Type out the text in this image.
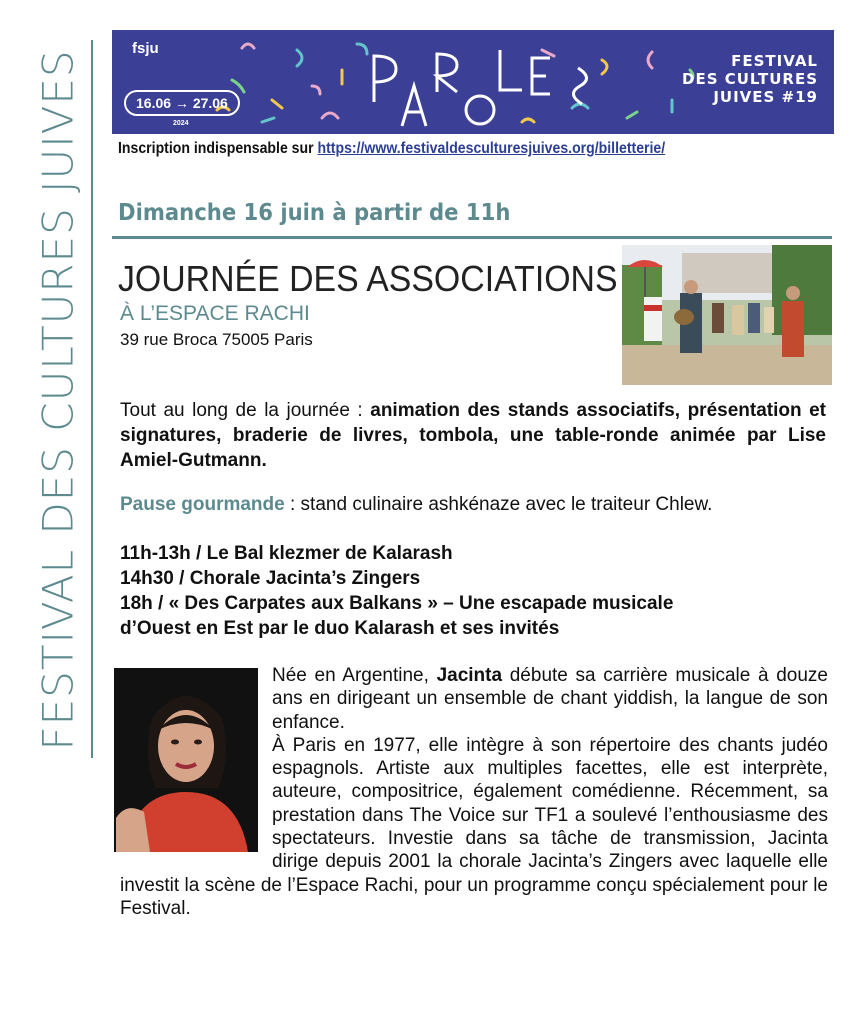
FESTIVAL DES CULTURES JUIVES
fsju
16.06 → 27.06
2024
FESTIVAL
DES CULTURES
JUIVES #19
Inscription indispensable sur https://www.festivaldesculturesjuives.org/billetterie/
Dimanche 16 juin à partir de 11h
JOURNÉE DES ASSOCIATIONS
À L’ESPACE RACHI
39 rue Broca 75005 Paris
Tout au long de la journée : animation des stands associatifs, présentation et signatures, braderie de livres, tombola, une table-ronde animée par Lise Amiel-Gutmann.
Pause gourmande : stand culinaire ashkénaze avec le traiteur Chlew.
11h-13h / Le Bal klezmer de Kalarash
14h30 / Chorale Jacinta’s Zingers
18h / « Des Carpates aux Balkans » – Une escapade musicale
d’Ouest en Est par le duo Kalarash et ses invités

Née en Argentine, Jacinta débute sa carrière musicale à douze ans en dirigeant un ensemble de chant yiddish, la langue de son enfance.

À Paris en 1977, elle intègre à son répertoire des chants judéo espagnols. Artiste aux multiples facettes, elle est interprète, auteure, compositrice, également comédienne. Récemment, sa prestation dans The Voice sur TF1 a soulevé l’enthousiasme des spectateurs. Investie dans sa tâche de transmission, Jacinta dirige depuis 2001 la chorale Jacinta’s Zingers avec laquelle elle investit la scène de l’Espace Rachi, pour un programme conçu spécialement pour le Festival.
